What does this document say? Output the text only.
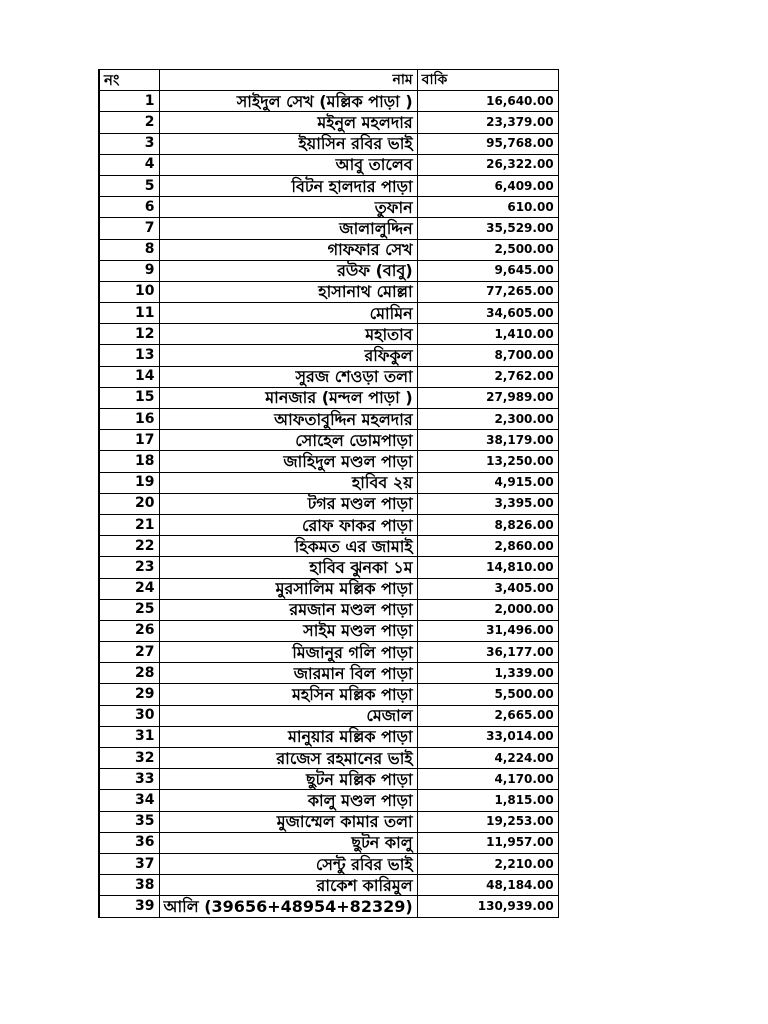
নং	নাম	বাকি
1	সাইদুল সেখ (মল্লিক পাড়া )	16,640.00
2	মইনুল মহলদার	23,379.00
3	ইয়াসিন রবির ভাই	95,768.00
4	আবু তালেব	26,322.00
5	বিটন হালদার পাড়া	6,409.00
6	তুফান	610.00
7	জালালুদ্দিন	35,529.00
8	গাফফার সেখ	2,500.00
9	রউফ (বাবু)	9,645.00
10	হাসানাথ মোল্লা	77,265.00
11	মোমিন	34,605.00
12	মহাতাব	1,410.00
13	রফিকুল	8,700.00
14	সুরজ শেওড়া তলা	2,762.00
15	মানজার (মন্দল পাড়া )	27,989.00
16	আফতাবুদ্দিন মহলদার	2,300.00
17	সোহেল ডোমপাড়া	38,179.00
18	জাহিদুল মণ্ডল পাড়া	13,250.00
19	হাবিব ২য়	4,915.00
20	টগর মণ্ডল পাড়া	3,395.00
21	রোফ ফাকর পাড়া	8,826.00
22	হিকমত এর জামাই	2,860.00
23	হাবিব ঝুনকা ১ম	14,810.00
24	মুরসালিম মল্লিক পাড়া	3,405.00
25	রমজান মণ্ডল পাড়া	2,000.00
26	সাইম মণ্ডল পাড়া	31,496.00
27	মিজানুর গলি পাড়া	36,177.00
28	জারমান বিল পাড়া	1,339.00
29	মহসিন মল্লিক পাড়া	5,500.00
30	মেজাল	2,665.00
31	মানুয়ার মল্লিক পাড়া	33,014.00
32	রাজেস রহমানের ভাই	4,224.00
33	ছুটন মল্লিক পাড়া	4,170.00
34	কালু মণ্ডল পাড়া	1,815.00
35	মুজাম্মেল কামার তলা	19,253.00
36	ছুটন কালু	11,957.00
37	সেন্টু রবির ভাই	2,210.00
38	রাকেশ কারিমুল	48,184.00
39	আলি (39656+48954+82329)	130,939.00
